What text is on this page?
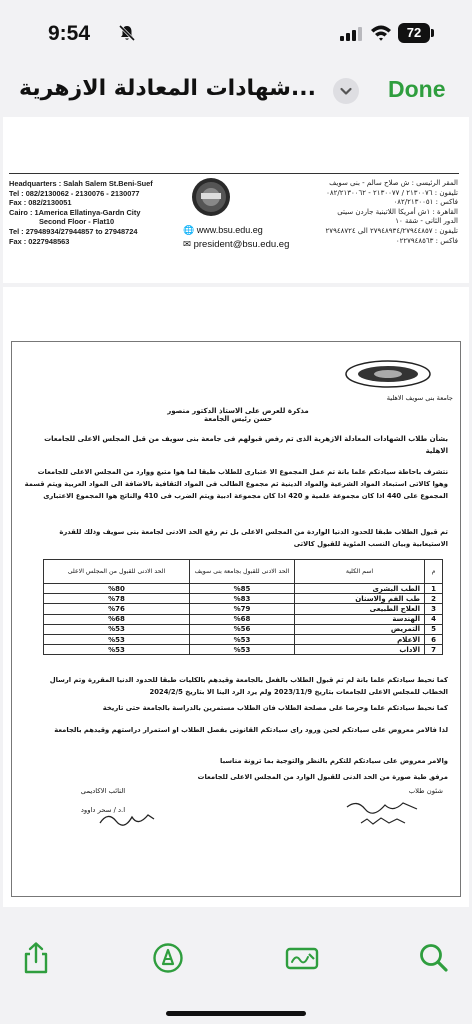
9:54	72
...شهادات المعادلة الازهرية	Done
Headquarters : Salah Salem St.Beni-Suef
Tel : 082/2130062 - 2130076 - 2130077
Fax : 082/2130051
Cairo : 1America Ellatinya-Gardn City
Second Floor - Flat10
Tel : 27948934/27944857 to 27948724
Fax : 0227948563
🌐 www.bsu.edu.eg
✉ president@bsu.edu.eg
المقر الرئيسى : ش صلاح سالم - بنى سويف
تليفون : ٢١٣٠٠٧٦ / ٢١٣٠٠٧٧ - ٠٨٢/٢١٣٠٠٦٢
فاكس : ٠٨٢/٢١٣٠٠٥١
القاهرة : ١ش أمريكا اللاتينية جاردن سيتى
الدور الثانى - شقة ١٠
تليفون : ٢٧٩٤٨٩٣٤/٢٧٩٤٤٨٥٧ الى ٢٧٩٤٨٧٢٤
فاكس : ٠٢٢٧٩٤٨٥٦٣
جامعة بنى سويف الاهلية
مذكرة للعرض على الاستاذ الدكتور منصور حسن رئيس الجامعة
بشأن طلاب الشهادات المعادلة الازهرية الذى تم رفض قبولهم فى جامعة بنى سويف من قبل المجلس الاعلى للجامعات الاهلية
نتشرف باحاطة سيادتكم علما بانة تم عمل المجموع الا عتبارى للطلاب طبقا لما هوا متبع ووارد من المجلس الاعلى للجامعات وهوا كالاتى استبعاد المواد الشرعية والمواد الدينية ثم مجموع الطالب فى المواد الثقافية بالاضافة الى المواد العربية ويتم قسمة المجموع على 440 اذا كان مجموعة علمية و 420 اذا كان مجموعة ادبية ويتم الضرب فى 410 والناتج هوا المجموع الاعتبارى
تم قبول الطلاب طبقا للحدود الدنيا الواردة من المجلس الاعلى بل تم رفع الحد الادنى لجامعة بنى سويف وذلك للقدرة الاستيعابية وبيان النسب المئوية للقبول كالاتى
م	اسم الكلية	الحد الادنى للقبول بجامعة بنى سويف	الحد الادنى للقبول من المجلس الاعلى
1	الطب البشرى	%85	%80
2	طب الفم والاسنان	%83	%78
3	العلاج الطبيعى	%79	%76
4	الهندسة	%68	%68
5	التمريض	%56	%53
6	الاعلام	%53	%53
7	الاداب	%53	%53
كما نحيط سيادتكم علما بانة لم تم قبول الطلاب بالفعل بالجامعة وقيدهم بالكليات طبقا للحدود الدنيا المقررة وتم ارسال الخطاب للمجلس الاعلى للجامعات بتاريخ 2023/11/9 ولم يرد الرد الينا الا بتاريخ 2024/2/5
كما نحيط سيادتكم علما وحرصا على مصلحة الطلاب فان الطلاب مستمرين بالدراسة بالجامعة حتى تاريخة
لذا فالامر معروض على سيادتكم لحين ورود راى سيادتكم القانونى بفصل الطلاب او استمرار دراستهم وقيدهم بالجامعة
والامر معروض على سيادتكم للتكرم بالنظر والتوجية بما ترونة مناسبا
مرفق طية صورة من الحد الدنى للقبول الوارد من المجلس الاعلى للجامعات
النائب الاكاديمى
ا.د / سحر داوود
شئون طلاب
